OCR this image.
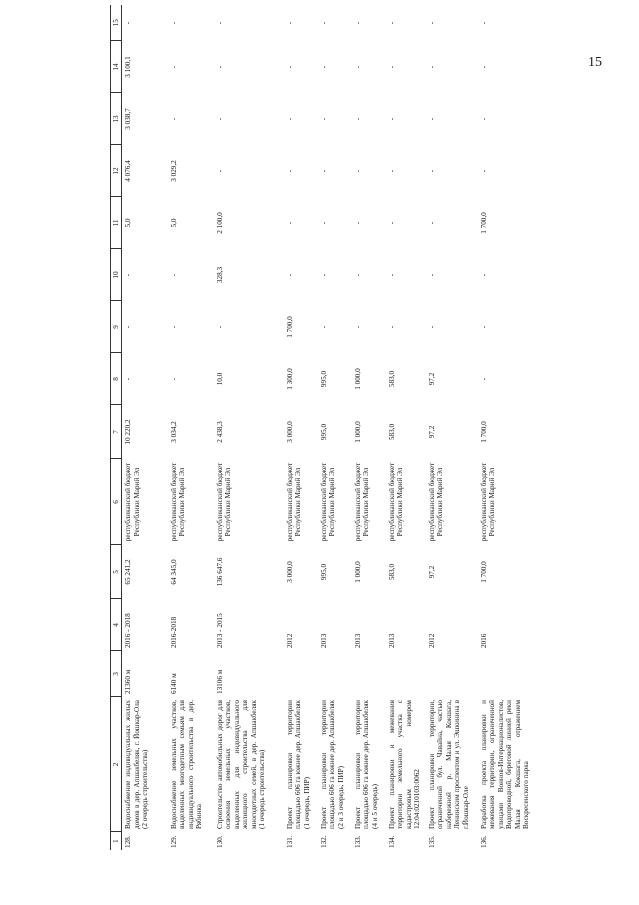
15
1	2	3	4	5	6	7	8	9	10	11	12	13	14	15
128.	Водоснабжение индивидуальных жилых домов в дер. Апшакбеляк, г. Йошкар-Ола (2 очередь строительства)	21360 м	2016 - 2018	65 241,2	республиканский бюджет Республики Марий Эл	10 220,2	-	-	-	5,0	4 076,4	3 038,7	3 100,1	-
129.	Водоснабжение земельных участков, выделенных многодетным семьям для индивидуального строительства в дер. Рябинка	6140 м	2016-2018	64 345,0	республиканский бюджет Республики Марий Эл	3 034,2	-	-	-	5,0	3 029,2	-	-	-
130.	Строительство автомобильных дорог для освоения земельных участков, выделенных для индивидуального жилищного строительства для многодетных семей, в дер. Апшакбеляк (1 очередь строительства)	13106 м	2013 - 2015	136 647,6	республиканский бюджет Республики Марий Эл	2 438,3	10,0	-	328,3	2 100,0	-	-	-	-
131.	Проект планировки территории площадью 606 га южнее дер. Апшакбеляк (1 очередь, ПИР)		2012	3 000,0	республиканский бюджет Республики Марий Эл	3 000,0	1 300,0	1 700,0	-	-	-	-	-	-
132.	Проект планировки территории площадью 606 га южнее дер. Апшакбеляк (2 и 3 очередь, ПИР)		2013	995,0	республиканский бюджет Республики Марий Эл	995,0	995,0	-	-	-	-	-	-	-
133.	Проект планировки территории площадью 606 га южнее дер. Апшакбеляк (4 и 5 очередь)		2013	1 000,0	республиканский бюджет Республики Марий Эл	1 000,0	1 000,0	-	-	-	-	-	-	-
134.	Проект планировки и межевания территории земельного участка с кадастровым номером 12:04:0210103:0062		2013	583,0	республиканский бюджет Республики Марий Эл	583,0	583,0	-	-	-	-	-	-	-
135.	Проект планировки территории, ограниченной бул. Чавайна, частью набережной р. Малая Кокшага, Ленинским проспектом и ул. Эшкинина в г.Йошкар-Оле		2012	97,2	республиканский бюджет Республики Марий Эл	97,2	97,2	-	-	-	-	-	-	-
136.	Разработка проекта планировки и межевания территории, ограниченной улицами Воинов-Интернационалистов, Водопроводной, береговой линией реки Малая Кокшага, отражением Воскресенского парка		2016	1 700,0	республиканский бюджет Республики Марий Эл	1 700,0	-	-	-	1 700,0	-	-	-	-
